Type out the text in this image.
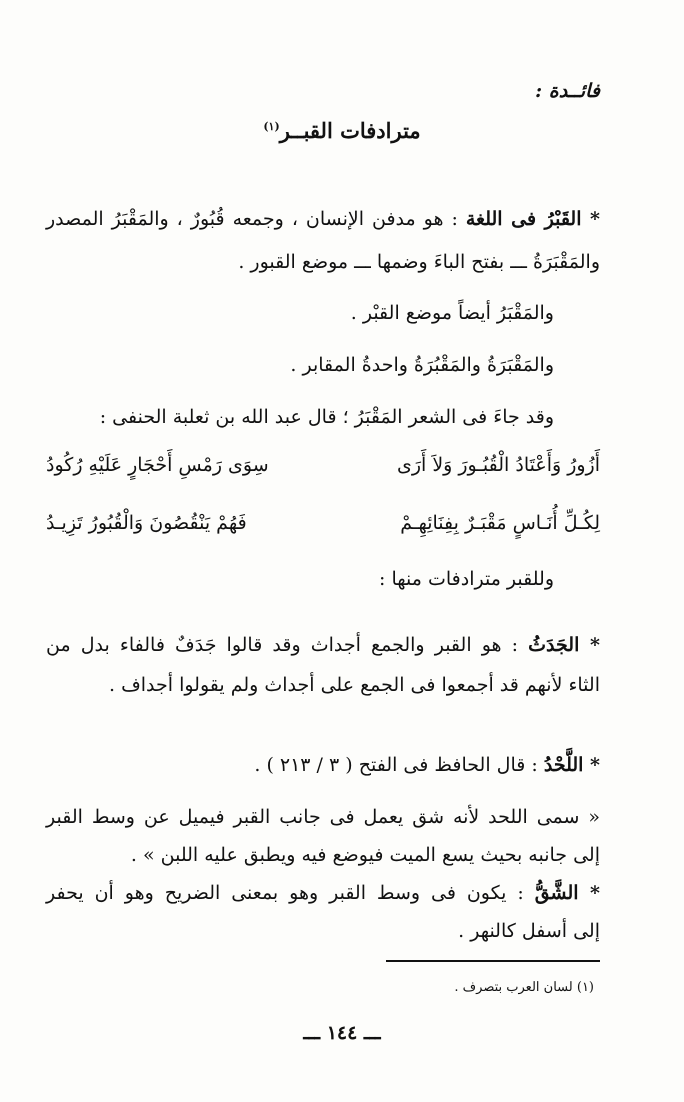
فائــدة :
مترادفات القبــر$^{(١)}$
* القَبْرُ فى اللغة : هو مدفن الإنسان ، وجمعه قُبُورٌ ، والمَقْبَرُ المصدر
والمَقْبَرَةُ ـــ بفتح الباءَ وضمها ـــ موضع القبور .
والمَقْبَرُ أيضاً موضع القبْر .
والمَقْبَرَةُ والمَقْبُرَةُ واحدةُ المقابر .
وقد جاءَ فى الشعر المَقْبَرُ ؛ قال عبد الله بن ثعلبة الحنفى :
أَزُورُ وَأَعْتَادُ الْقُبُـورَ وَلاَ أَرَى
سِوَى رَمْسِ أَحْجَارٍ عَلَيْهِ رُكُودُ
لِكُـلِّ أُنَـاسٍ مَقْبَـرٌ بِفِنَائِهِـمْ
فَهُمْ يَنْقُصُونَ وَالْقُبُورُ تَزِيـدُ
وللقبر مترادفات منها :
* الجَدَثُ : هو القبر والجمع أجداث وقد قالوا جَدَفٌ فالفاء بدل من
الثاء لأنهم قد أجمعوا فى الجمع على أجداث ولم يقولوا أجداف .
* اللَّحْدُ : قال الحافظ فى الفتح ( ٣ / ٢١٣ ) .
« سمى اللحد لأنه شق يعمل فى جانب القبر فيميل عن وسط القبر
إلى جانبه بحيث يسع الميت فيوضع فيه ويطبق عليه اللبن » .
* الشَّقُّ : يكون فى وسط القبر وهو بمعنى الضريح وهو أن يحفر
إلى أسفل كالنهر .
(١) لسان العرب بتصرف .
ـــ ١٤٤ ـــ
